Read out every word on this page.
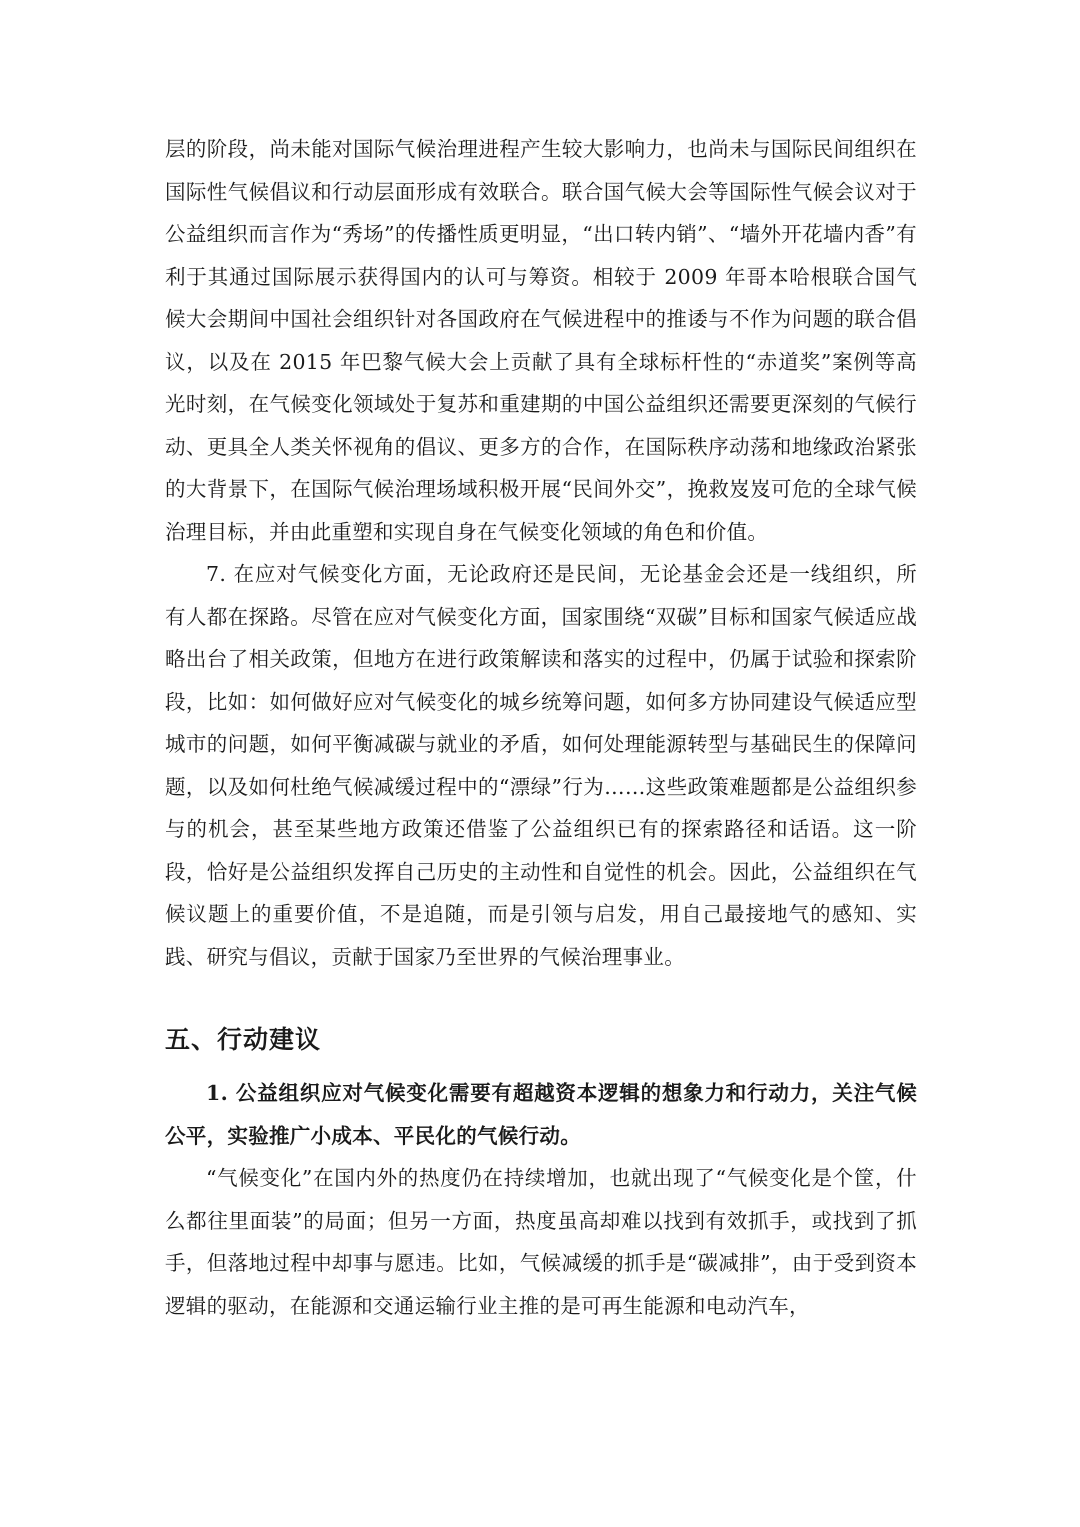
层的阶段，尚未能对国际气候治理进程产生较大影响力，也尚未与国际民间组织在国际性气候倡议和行动层面形成有效联合。联合国气候大会等国际性气候会议对于公益组织而言作为“秀场”的传播性质更明显，“出口转内销”、“墙外开花墙内香”有利于其通过国际展示获得国内的认可与筹资。相较于 2009 年哥本哈根联合国气候大会期间中国社会组织针对各国政府在气候进程中的推诿与不作为问题的联合倡议，以及在 2015 年巴黎气候大会上贡献了具有全球标杆性的“赤道奖”案例等高光时刻，在气候变化领域处于复苏和重建期的中国公益组织还需要更深刻的气候行动、更具全人类关怀视角的倡议、更多方的合作，在国际秩序动荡和地缘政治紧张的大背景下，在国际气候治理场域积极开展“民间外交”，挽救岌岌可危的全球气候治理目标，并由此重塑和实现自身在气候变化领域的角色和价值。

7. 在应对气候变化方面，无论政府还是民间，无论基金会还是一线组织，所有人都在探路。尽管在应对气候变化方面，国家围绕“双碳”目标和国家气候适应战略出台了相关政策，但地方在进行政策解读和落实的过程中，仍属于试验和探索阶段，比如：如何做好应对气候变化的城乡统筹问题，如何多方协同建设气候适应型城市的问题，如何平衡减碳与就业的矛盾，如何处理能源转型与基础民生的保障问题，以及如何杜绝气候减缓过程中的“漂绿”行为……这些政策难题都是公益组织参与的机会，甚至某些地方政策还借鉴了公益组织已有的探索路径和话语。这一阶段，恰好是公益组织发挥自己历史的主动性和自觉性的机会。因此，公益组织在气候议题上的重要价值，不是追随，而是引领与启发，用自己最接地气的感知、实践、研究与倡议，贡献于国家乃至世界的气候治理事业。

五、行动建议

1. 公益组织应对气候变化需要有超越资本逻辑的想象力和行动力，关注气候公平，实验推广小成本、平民化的气候行动。

“气候变化”在国内外的热度仍在持续增加，也就出现了“气候变化是个筐，什么都往里面装”的局面；但另一方面，热度虽高却难以找到有效抓手，或找到了抓手，但落地过程中却事与愿违。比如，气候减缓的抓手是“碳减排”，由于受到资本逻辑的驱动，在能源和交通运输行业主推的是可再生能源和电动汽车，
